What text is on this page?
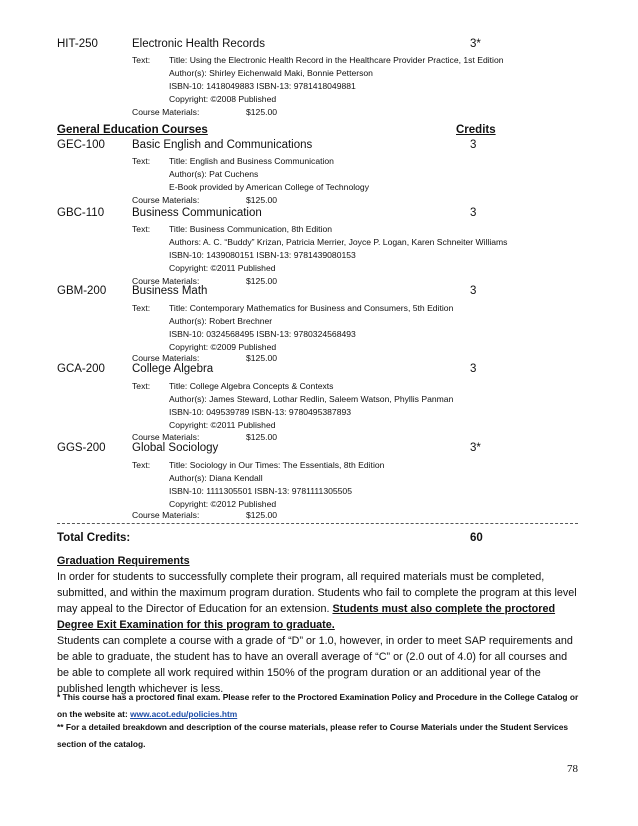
HIT-250	Electronic Health Records	3*
Text: Title: Using the Electronic Health Record in the Healthcare Provider Practice, 1st Edition
Author(s): Shirley Eichenwald Maki, Bonnie Petterson
ISBN-10: 1418049883 ISBN-13: 9781418049881
Copyright: ©2008 Published
Course Materials:	$125.00
General Education Courses	Credits
GEC-100 Basic English and Communications	3
Text: Title: English and Business Communication
Author(s): Pat Cuchens
E-Book provided by American College of Technology
Course Materials:	$125.00
GBC-110 Business Communication	3
Text: Title: Business Communication, 8th Edition
Authors: A. C. “Buddy” Krizan, Patricia Merrier, Joyce P. Logan, Karen Schneiter Williams
ISBN-10: 1439080151 ISBN-13: 9781439080153
Copyright: ©2011 Published
Course Materials:	$125.00
GBM-200 Business Math	3
Text: Title: Contemporary Mathematics for Business and Consumers, 5th Edition
Author(s): Robert Brechner
ISBN-10: 0324568495 ISBN-13: 9780324568493
Copyright: ©2009 Published
Course Materials:	$125.00
GCA-200 College Algebra	3
Text: Title: College Algebra Concepts & Contexts
Author(s): James Steward, Lothar Redlin, Saleem Watson, Phyllis Panman
ISBN-10: 049539789 ISBN-13: 9780495387893
Copyright: ©2011 Published
Course Materials:	$125.00
GGS-200 Global Sociology	3*
Text: Title: Sociology in Our Times: The Essentials, 8th Edition
Author(s): Diana Kendall
ISBN-10: 1111305501 ISBN-13: 9781111305505
Copyright: ©2012 Published
Course Materials:	$125.00
Total Credits:	60
Graduation Requirements
In order for students to successfully complete their program, all required materials must be completed, submitted, and within the maximum program duration. Students who fail to complete the program at this level may appeal to the Director of Education for an extension. Students must also complete the proctored Degree Exit Examination for this program to graduate.
Students can complete a course with a grade of “D” or 1.0, however, in order to meet SAP requirements and be able to graduate, the student has to have an overall average of “C” or (2.0 out of 4.0) for all courses and be able to complete all work required within 150% of the program duration or an additional year of the published length whichever is less.
* This course has a proctored final exam. Please refer to the Proctored Examination Policy and Procedure in the College Catalog or on the website at: www.acot.edu/policies.htm
** For a detailed breakdown and description of the course materials, please refer to Course Materials under the Student Services section of the catalog.
78
